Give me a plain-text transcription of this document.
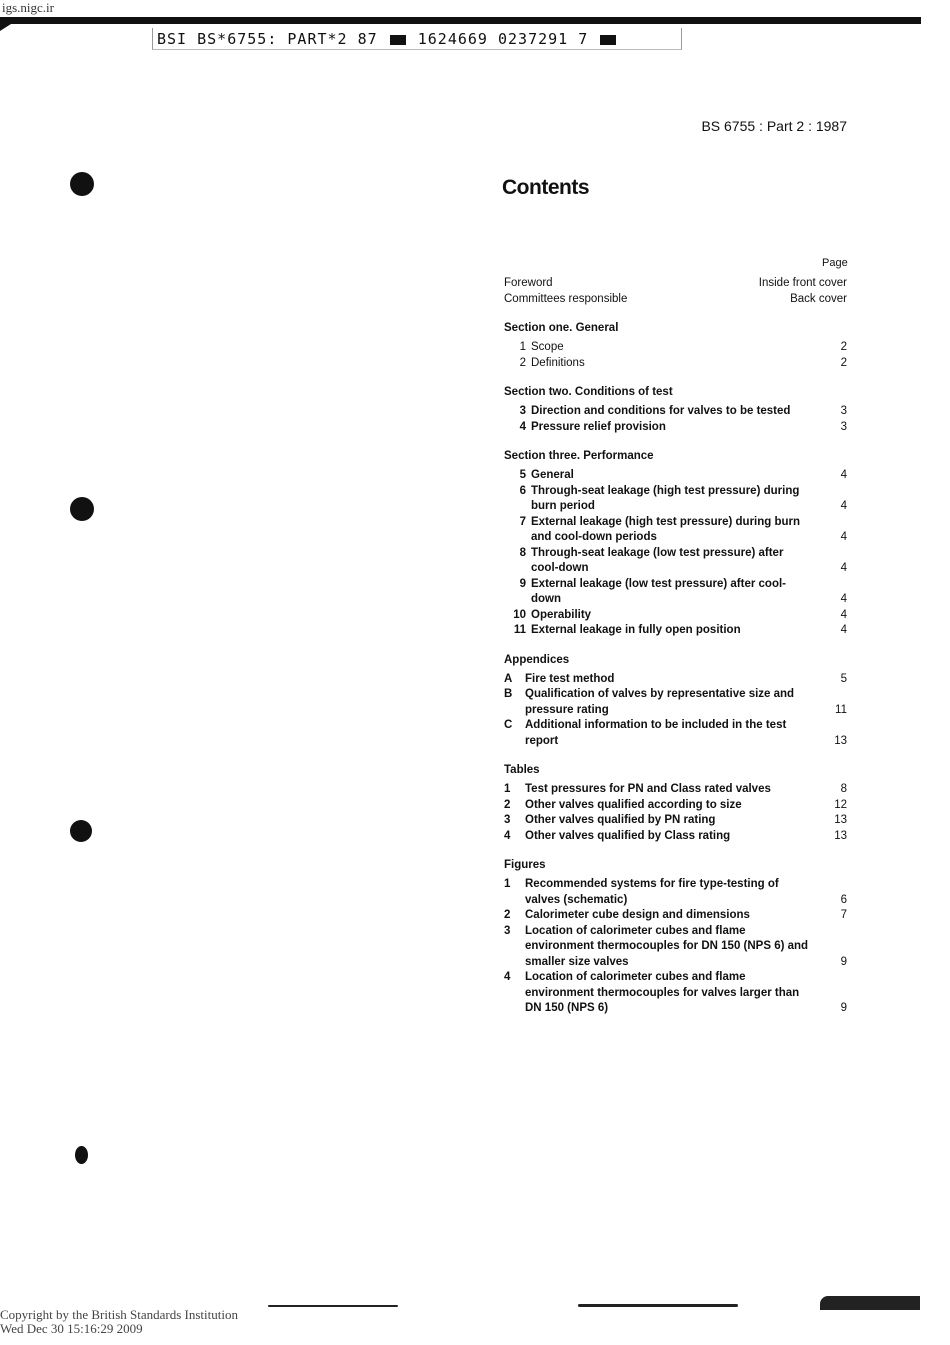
igs.nigc.ir
BSI BS*6755: PART*2 87	1624669 0237291 7
BS 6755 : Part 2 : 1987
Contents
Page
Foreword	Inside front cover
Committees responsible	Back cover
Section one. General
1 Scope	2
2 Definitions	2
Section two. Conditions of test
3 Direction and conditions for valves to be tested	3
4 Pressure relief provision	3
Section three. Performance
5 General	4
6 Through-seat leakage (high test pressure) during burn period	4
7 External leakage (high test pressure) during burn and cool-down periods	4
8 Through-seat leakage (low test pressure) after cool-down	4
9 External leakage (low test pressure) after cool-down	4
10 Operability	4
11 External leakage in fully open position	4
Appendices
A	Fire test method	5
B	Qualification of valves by representative size and pressure rating	11
C	Additional information to be included in the test report	13
Tables
1	Test pressures for PN and Class rated valves	8
2	Other valves qualified according to size	12
3	Other valves qualified by PN rating	13
4	Other valves qualified by Class rating	13
Figures
1	Recommended systems for fire type-testing of valves (schematic)	6
2	Calorimeter cube design and dimensions	7
3	Location of calorimeter cubes and flame environment thermocouples for DN 150 (NPS 6) and smaller size valves	9
4	Location of calorimeter cubes and flame environment thermocouples for valves larger than DN 150 (NPS 6)	9
Copyright by the British Standards Institution
Wed Dec 30 15:16:29 2009
